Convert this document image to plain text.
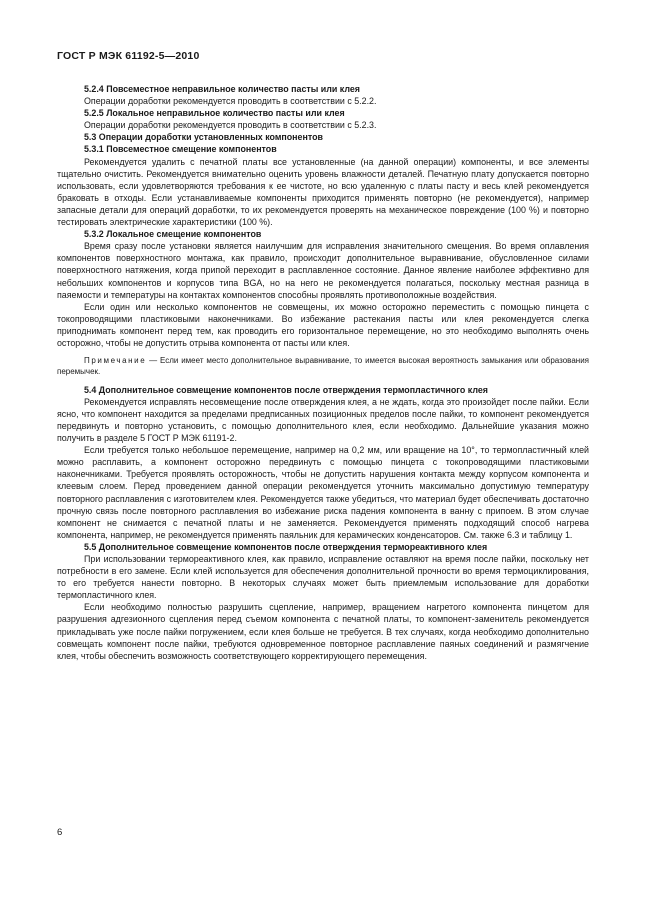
ГОСТ Р МЭК 61192-5—2010

5.2.4 Повсеместное неправильное количество пасты или клея

Операции доработки рекомендуется проводить в соответствии с 5.2.2.

5.2.5 Локальное неправильное количество пасты или клея

Операции доработки рекомендуется проводить в соответствии с 5.2.3.

5.3 Операции доработки установленных компонентов

5.3.1 Повсеместное смещение компонентов

Рекомендуется удалить с печатной платы все установленные (на данной операции) компоненты, и все элементы тщательно очистить. Рекомендуется внимательно оценить уровень влажности деталей. Печатную плату допускается повторно использовать, если удовлетворяются требования к ее чистоте, но всю удаленную с платы пасту и весь клей рекомендуется браковать в отходы. Если устанавливаемые компоненты приходится применять повторно (не рекомендуется), например запасные детали для операций доработки, то их рекомендуется проверять на механическое повреждение (100 %) и повторно тестировать электрические характеристики (100 %).

5.3.2 Локальное смещение компонентов

Время сразу после установки является наилучшим для исправления значительного смещения. Во время оплавления компонентов поверхностного монтажа, как правило, происходит дополнительное выравнивание, обусловленное силами поверхностного натяжения, когда припой переходит в расплавленное состояние. Данное явление наиболее эффективно для небольших компонентов и корпусов типа BGA, но на него не рекомендуется полагаться, поскольку местная разница в паяемости и температуры на контактах компонентов способны проявлять противоположные воздействия.

Если один или несколько компонентов не совмещены, их можно осторожно переместить с помощью пинцета с токопроводящими пластиковыми наконечниками. Во избежание растекания пасты или клея рекомендуется слегка приподнимать компонент перед тем, как проводить его горизонтальное перемещение, но это необходимо выполнять очень осторожно, чтобы не допустить отрыва компонента от пасты или клея.

Примечание — Если имеет место дополнительное выравнивание, то имеется высокая вероятность замыкания или образования перемычек.

5.4 Дополнительное совмещение компонентов после отверждения термопластичного клея

Рекомендуется исправлять несовмещение после отверждения клея, а не ждать, когда это произойдет после пайки. Если ясно, что компонент находится за пределами предписанных позиционных пределов после пайки, то компонент рекомендуется передвинуть и повторно установить, с помощью дополнительного клея, если необходимо. Дальнейшие указания можно получить в разделе 5 ГОСТ Р МЭК 61191-2.

Если требуется только небольшое перемещение, например на 0,2 мм, или вращение на 10°, то термопластичный клей можно расплавить, а компонент осторожно передвинуть с помощью пинцета с токопроводящими пластиковыми наконечниками. Требуется проявлять осторожность, чтобы не допустить нарушения контакта между корпусом компонента и клеевым слоем. Перед проведением данной операции рекомендуется уточнить максимально допустимую температуру повторного расплавления с изготовителем клея. Рекомендуется также убедиться, что материал будет обеспечивать достаточно прочную связь после повторного расплавления во избежание риска падения компонента в ванну с припоем. В этом случае компонент не снимается с печатной платы и не заменяется. Рекомендуется применять подходящий способ нагрева компонента, например, не рекомендуется применять паяльник для керамических конденсаторов. См. также 6.3 и таблицу 1.

5.5 Дополнительное совмещение компонентов после отверждения термореактивного клея

При использовании термореактивного клея, как правило, исправление оставляют на время после пайки, поскольку нет потребности в его замене. Если клей используется для обеспечения дополнительной прочности во время термоциклирования, то его требуется нанести повторно. В некоторых случаях может быть приемлемым использование для доработки термопластичного клея.

Если необходимо полностью разрушить сцепление, например, вращением нагретого компонента пинцетом для разрушения адгезионного сцепления перед съемом компонента с печатной платы, то компонент-заменитель рекомендуется прикладывать уже после пайки погружением, если клея больше не требуется. В тех случаях, когда необходимо дополнительно совмещать компонент после пайки, требуются одновременное повторное расплавление паяных соединений и размягчение клея, чтобы обеспечить возможность соответствующего корректирующего перемещения.

6
